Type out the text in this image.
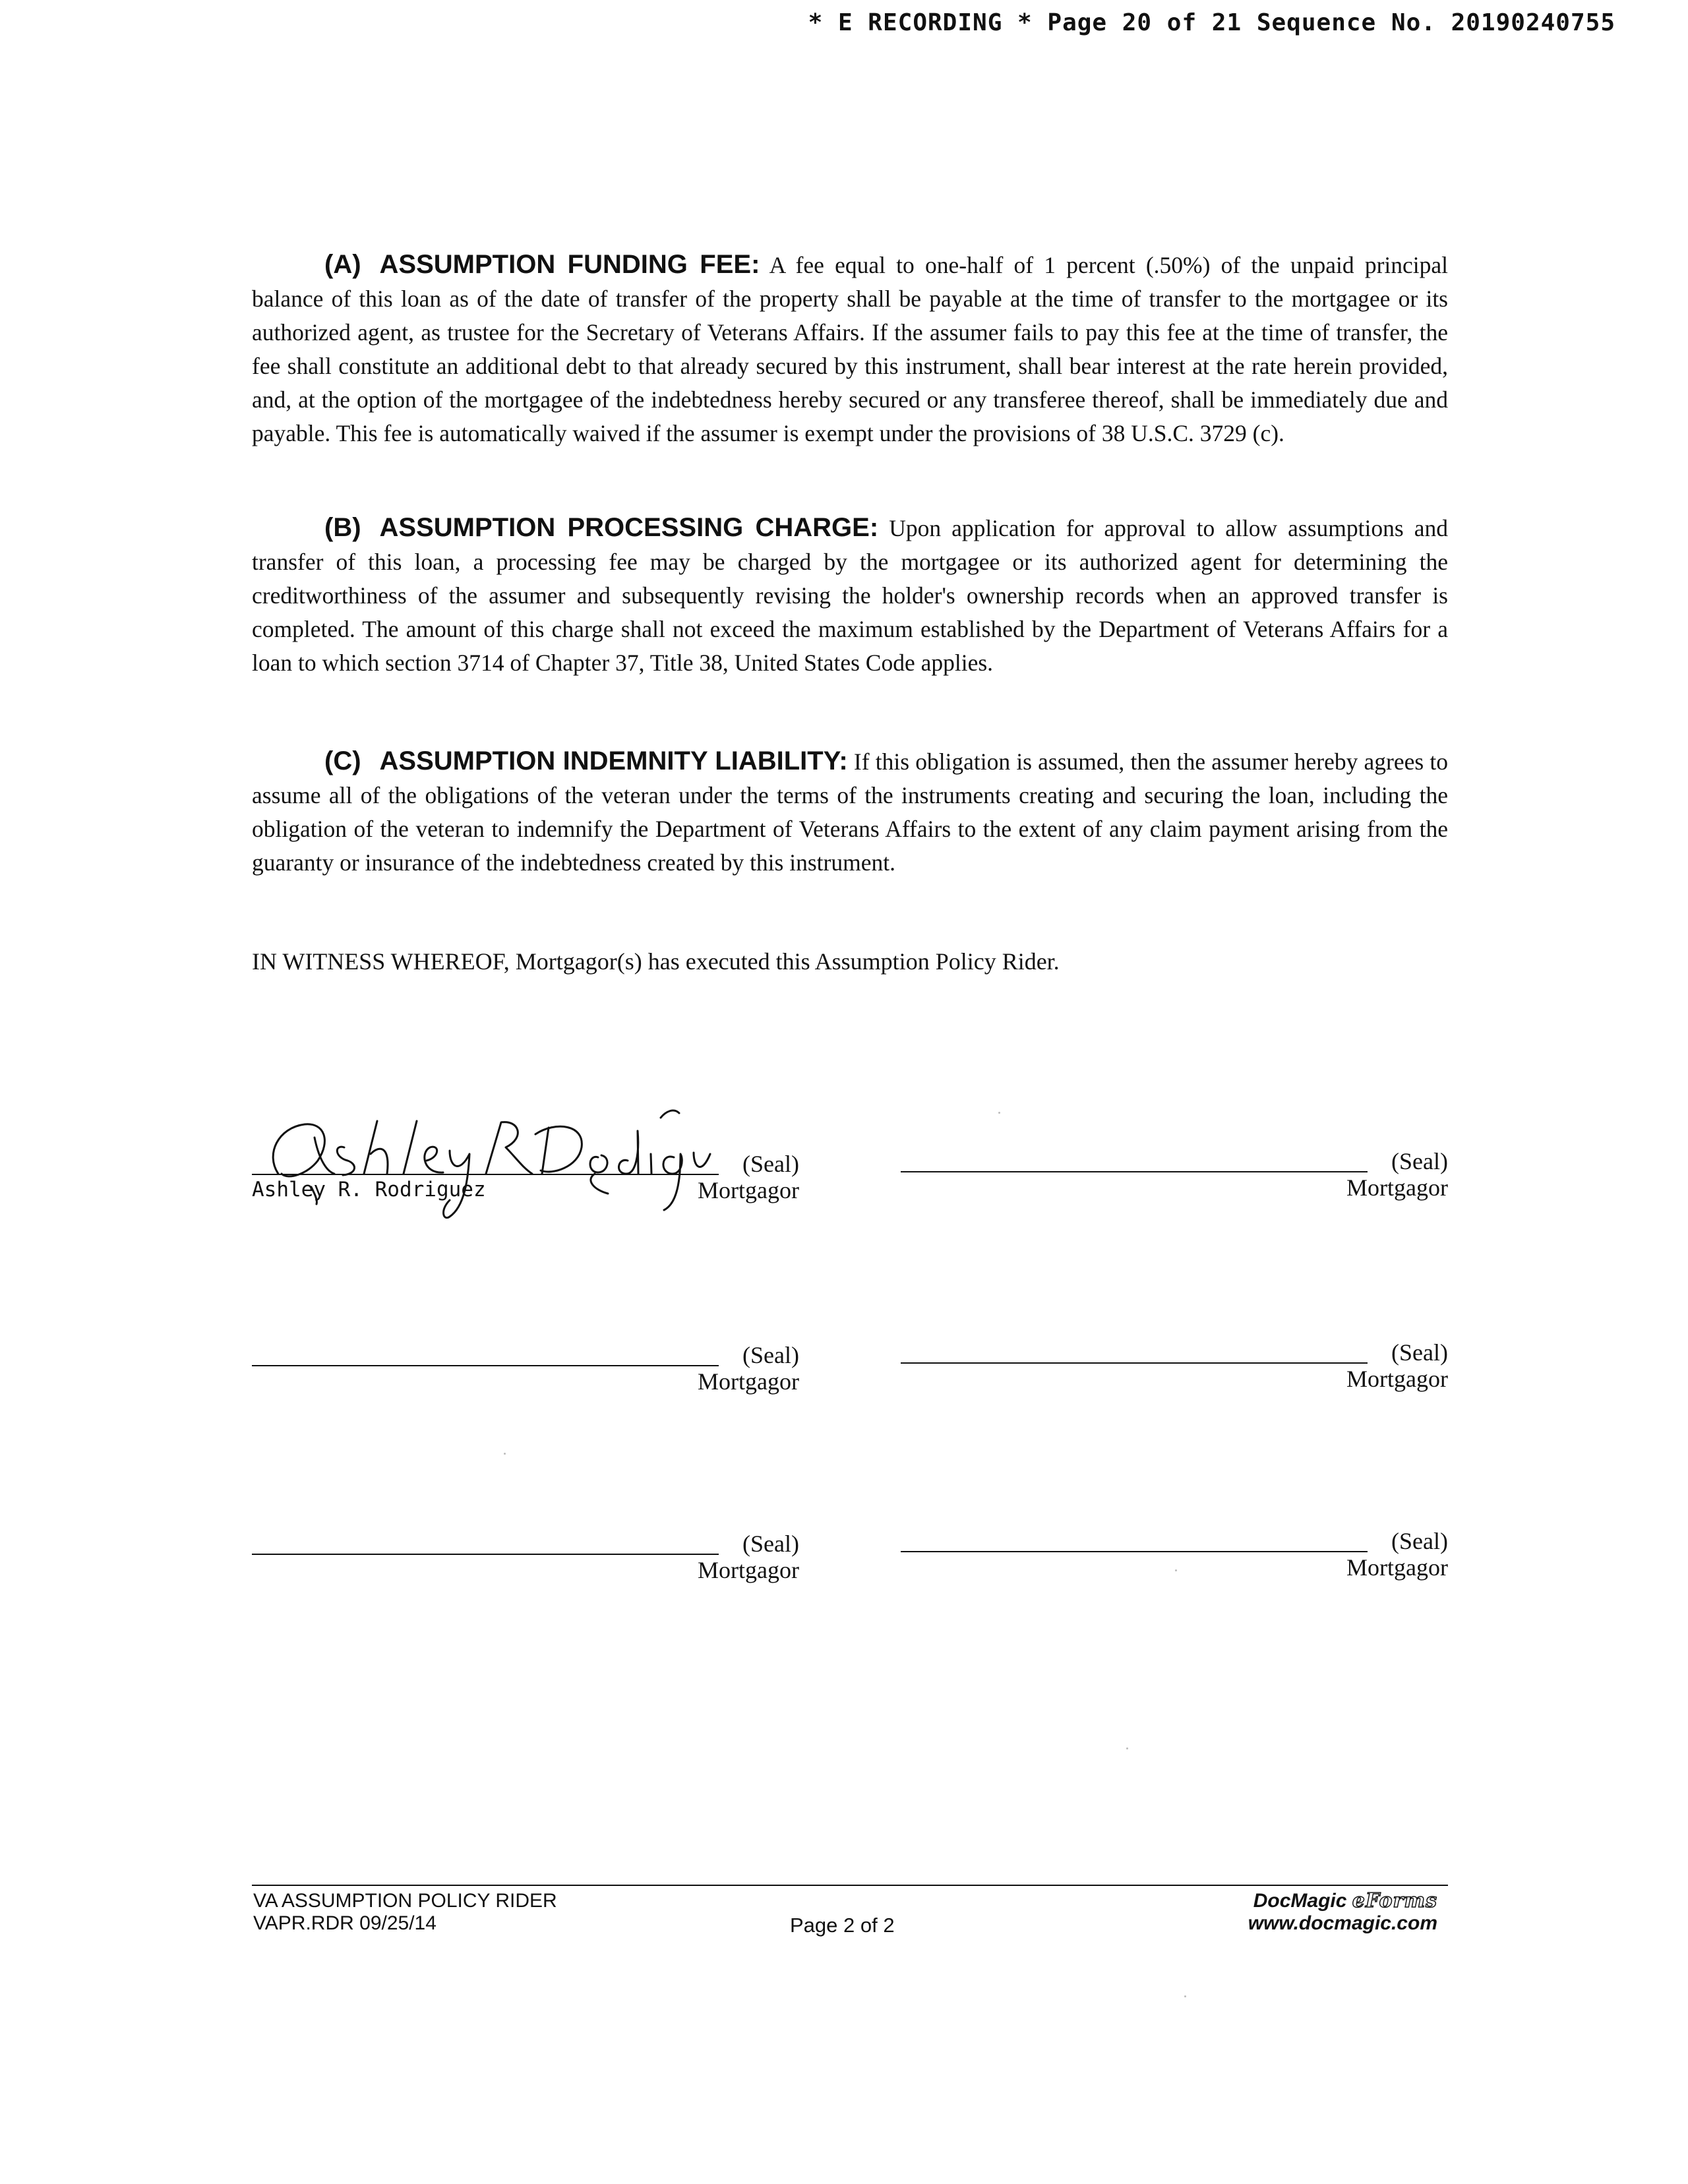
* E RECORDING * Page 20 of 21 Sequence No. 20190240755
(A) ASSUMPTION FUNDING FEE: A fee equal to one-half of 1 percent (.50%) of the unpaid principal balance of this loan as of the date of transfer of the property shall be payable at the time of transfer to the mortgagee or its authorized agent, as trustee for the Secretary of Veterans Affairs. If the assumer fails to pay this fee at the time of transfer, the fee shall constitute an additional debt to that already secured by this instrument, shall bear interest at the rate herein provided, and, at the option of the mortgagee of the indebtedness hereby secured or any transferee thereof, shall be immediately due and payable. This fee is automatically waived if the assumer is exempt under the provisions of 38 U.S.C. 3729 (c).
(B) ASSUMPTION PROCESSING CHARGE: Upon application for approval to allow assumptions and transfer of this loan, a processing fee may be charged by the mortgagee or its authorized agent for determining the creditworthiness of the assumer and subsequently revising the holder's ownership records when an approved transfer is completed. The amount of this charge shall not exceed the maximum established by the Department of Veterans Affairs for a loan to which section 3714 of Chapter 37, Title 38, United States Code applies.
(C) ASSUMPTION INDEMNITY LIABILITY: If this obligation is assumed, then the assumer hereby agrees to assume all of the obligations of the veteran under the terms of the instruments creating and securing the loan, including the obligation of the veteran to indemnify the Department of Veterans Affairs to the extent of any claim payment arising from the guaranty or insurance of the indebtedness created by this instrument.
IN WITNESS WHEREOF, Mortgagor(s) has executed this Assumption Policy Rider.
(Seal)
Ashley R. Rodriguez	Mortgagor
(Seal)
Mortgagor
(Seal)
Mortgagor
(Seal)
Mortgagor
(Seal)
Mortgagor
(Seal)
Mortgagor
VA ASSUMPTION POLICY RIDER
VAPR.RDR 09/25/14	Page 2 of 2
DocMagic eForms
www.docmagic.com
